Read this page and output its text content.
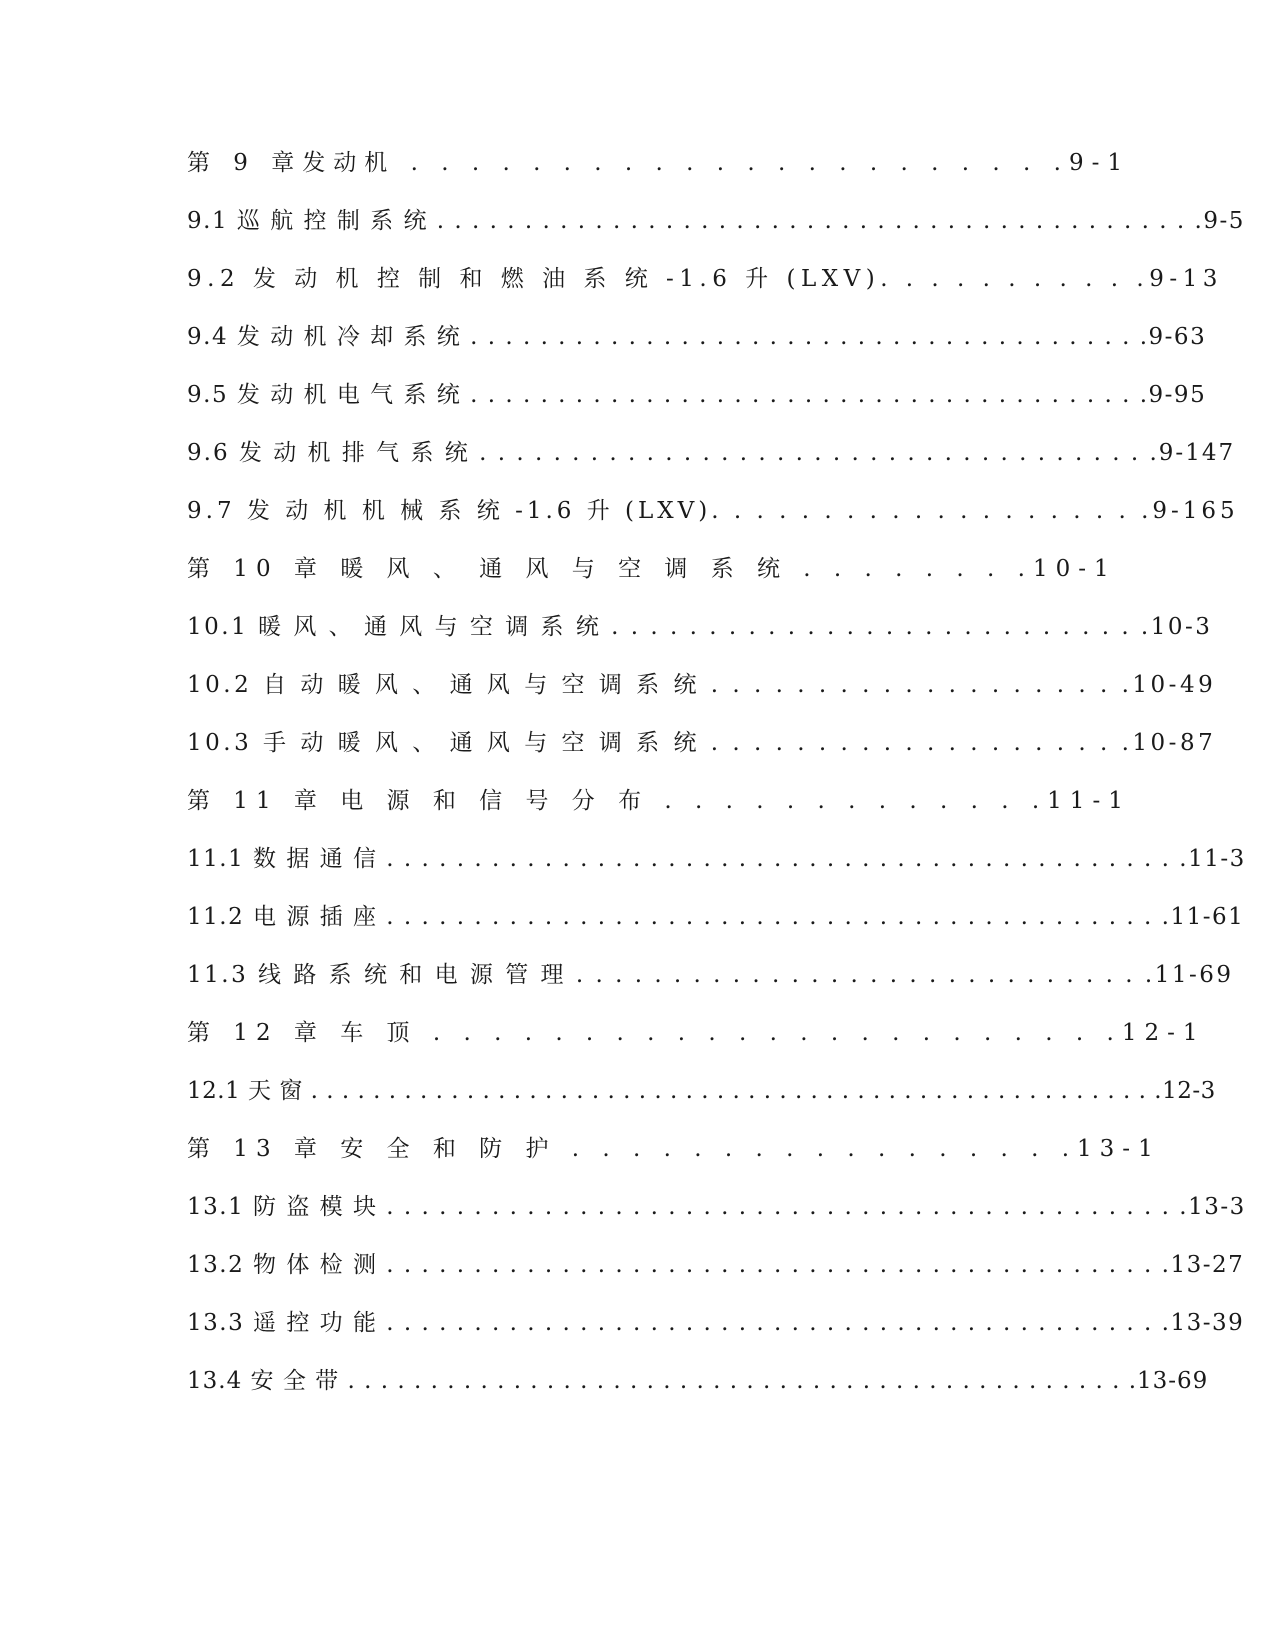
第 9 章发动机 . . . . . . . . . . . . . . . . . . . . . .9-1
9.1 巡 航 控 制 系 统 . . . . . . . . . . . . . . . . . . . . . . . . . . . . . . . . . . . . . . . . . . . .9-5
9.2 发 动 机 控 制 和 燃 油 系 统 -1.6 升 (LXV). . . . . . . . . . .9-13
9.4 发 动 机 冷 却 系 统 . . . . . . . . . . . . . . . . . . . . . . . . . . . . . . . . . . . . . . .9-63
9.5 发 动 机 电 气 系 统 . . . . . . . . . . . . . . . . . . . . . . . . . . . . . . . . . . . . . . .9-95
9.6 发 动 机 排 气 系 统 . . . . . . . . . . . . . . . . . . . . . . . . . . . . . . . . . . . . .9-147
9.7 发 动 机 机 械 系 统 -1.6 升 (LXV). . . . . . . . . . . . . . . . . . . .9-165
第 10 章 暖 风 、 通 风 与 空 调 系 统 . . . . . . . .10-1
10.1 暖 风 、 通 风 与 空 调 系 统 . . . . . . . . . . . . . . . . . . . . . . . . . . . .10-3
10.2 自 动 暖 风 、 通 风 与 空 调 系 统 . . . . . . . . . . . . . . . . . . . .10-49
10.3 手 动 暖 风 、 通 风 与 空 调 系 统 . . . . . . . . . . . . . . . . . . . .10-87
第 11 章 电 源 和 信 号 分 布 . . . . . . . . . . . . .11-1
11.1 数 据 通 信 . . . . . . . . . . . . . . . . . . . . . . . . . . . . . . . . . . . . . . . . . . . . . .11-3
11.2 电 源 插 座 . . . . . . . . . . . . . . . . . . . . . . . . . . . . . . . . . . . . . . . . . . . . .11-61
11.3 线 路 系 统 和 电 源 管 理 . . . . . . . . . . . . . . . . . . . . . . . . . . . . . .11-69
第 12 章 车 顶 . . . . . . . . . . . . . . . . . . . . . . .12-1
12.1 天 窗 . . . . . . . . . . . . . . . . . . . . . . . . . . . . . . . . . . . . . . . . . . . . . . . . . . . . . . .12-3
第 13 章 安 全 和 防 护 . . . . . . . . . . . . . . . . .13-1
13.1 防 盗 模 块 . . . . . . . . . . . . . . . . . . . . . . . . . . . . . . . . . . . . . . . . . . . . . .13-3
13.2 物 体 检 测 . . . . . . . . . . . . . . . . . . . . . . . . . . . . . . . . . . . . . . . . . . . . .13-27
13.3 遥 控 功 能 . . . . . . . . . . . . . . . . . . . . . . . . . . . . . . . . . . . . . . . . . . . . .13-39
13.4 安 全 带 . . . . . . . . . . . . . . . . . . . . . . . . . . . . . . . . . . . . . . . . . . . . . . . .13-69
